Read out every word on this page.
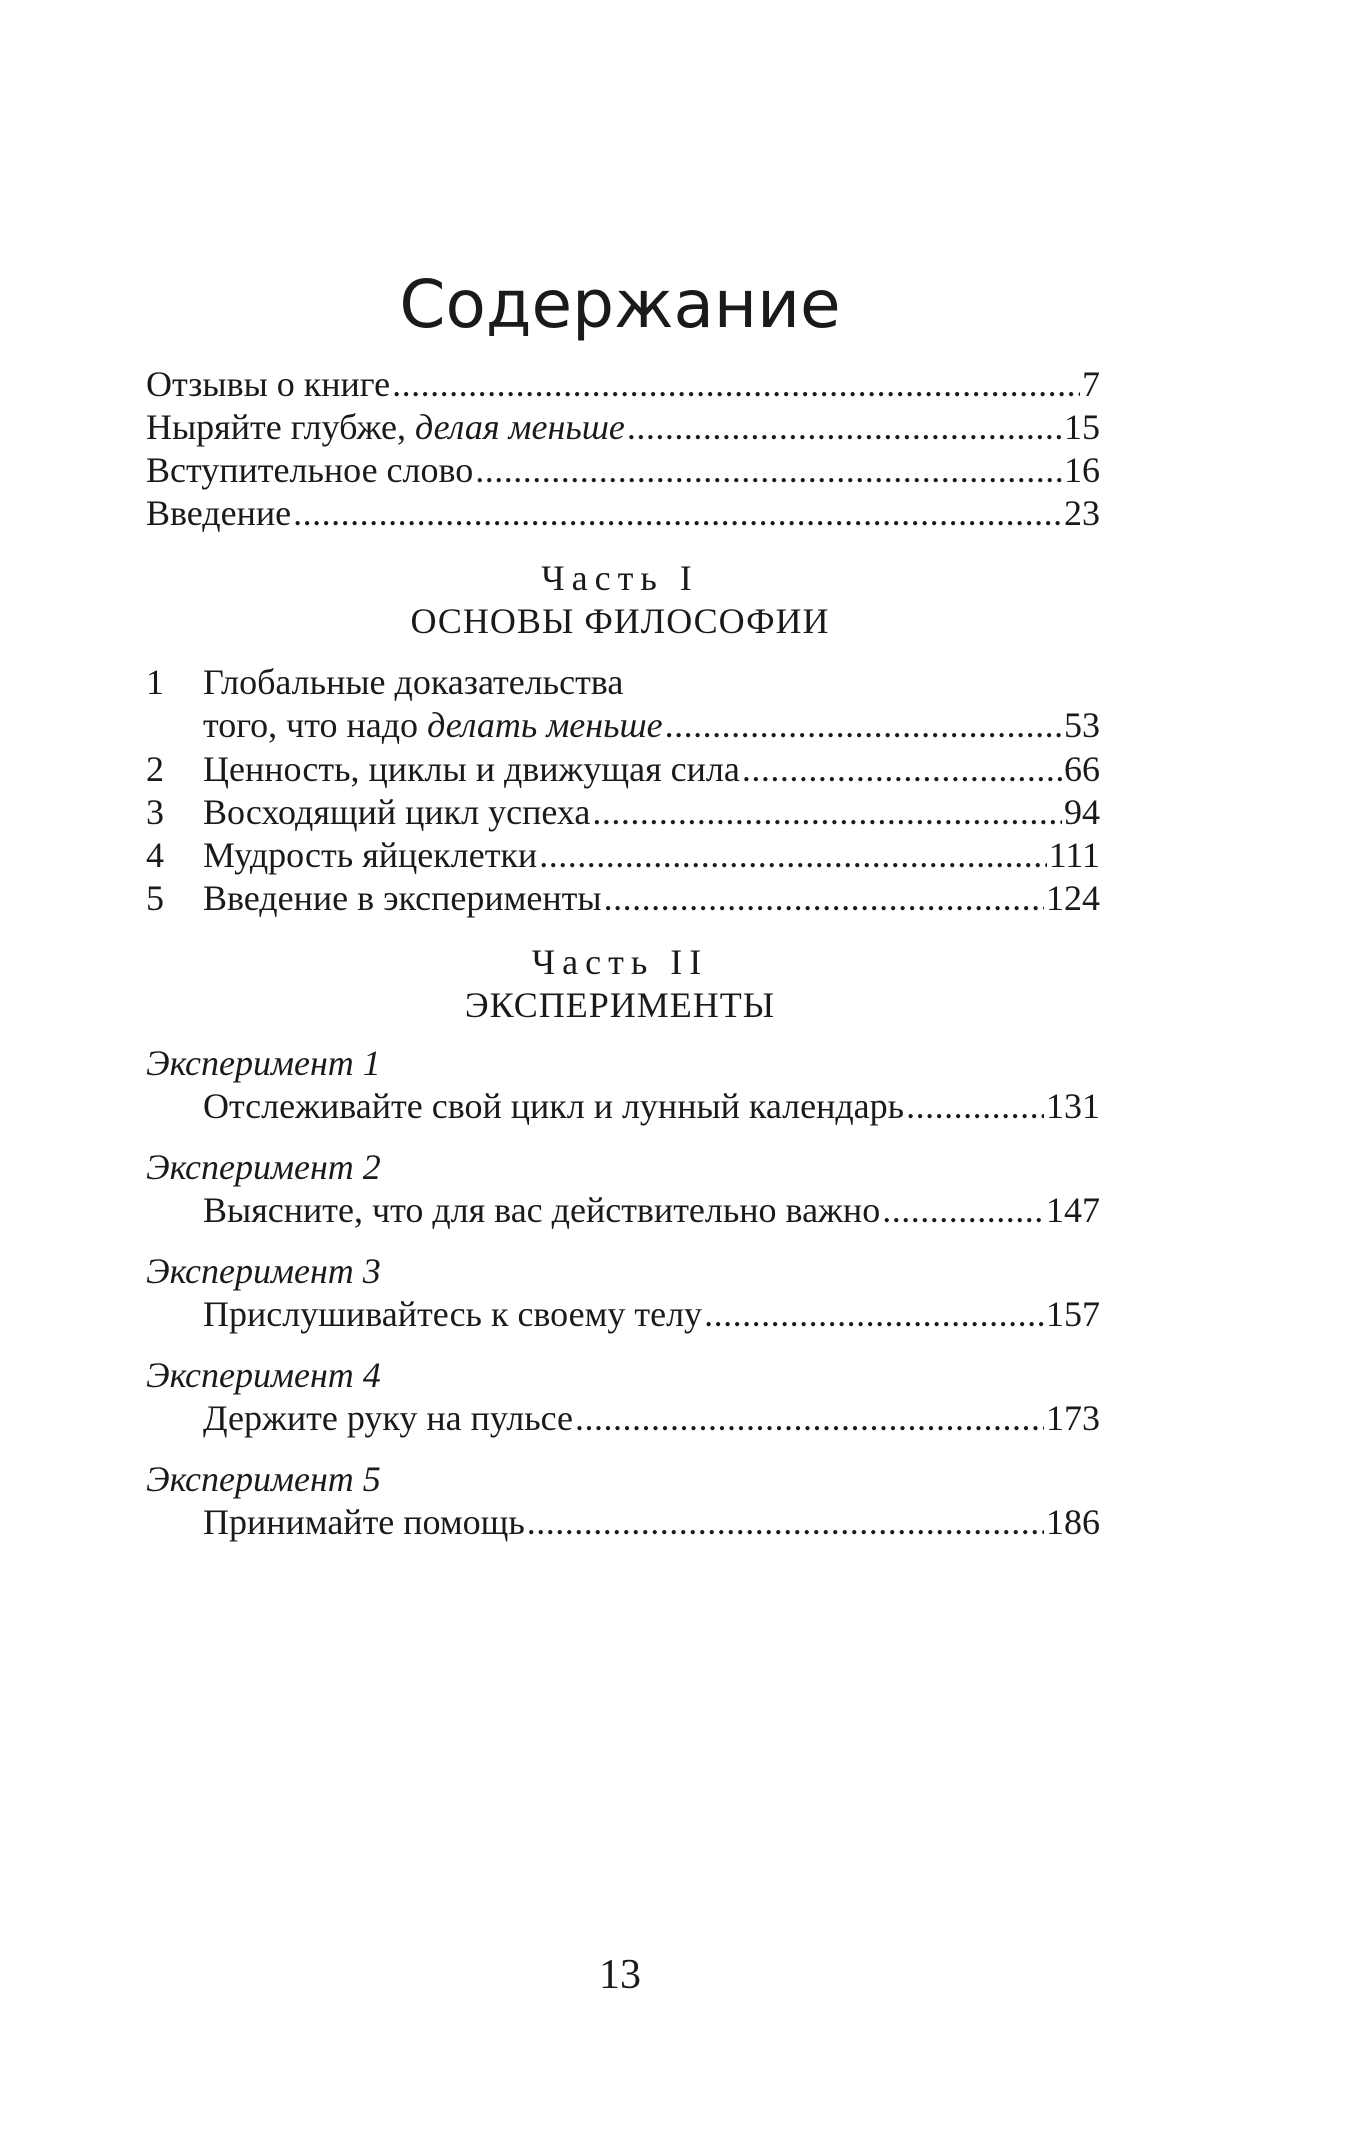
Содержание
Отзывы о книге .....	7
Ныряйте глубже, делая меньше .....	15
Вступительное слово .....	16
Введение .....	23
Часть I
ОСНОВЫ ФИЛОСОФИИ
1 Глобальные доказательства
того, что надо делать меньше .....	53
2 Ценность, циклы и движущая сила .....	66
3 Восходящий цикл успеха .....	94
4 Мудрость яйцеклетки .....	111
5 Введение в эксперименты .....	124
Часть II
ЭКСПЕРИМЕНТЫ
Эксперимент 1
Отслеживайте свой цикл и лунный календарь .....	131
Эксперимент 2
Выясните, что для вас действительно важно .....	147
Эксперимент 3
Прислушивайтесь к своему телу .....	157
Эксперимент 4
Держите руку на пульсе .....	173
Эксперимент 5
Принимайте помощь .....	186
13
